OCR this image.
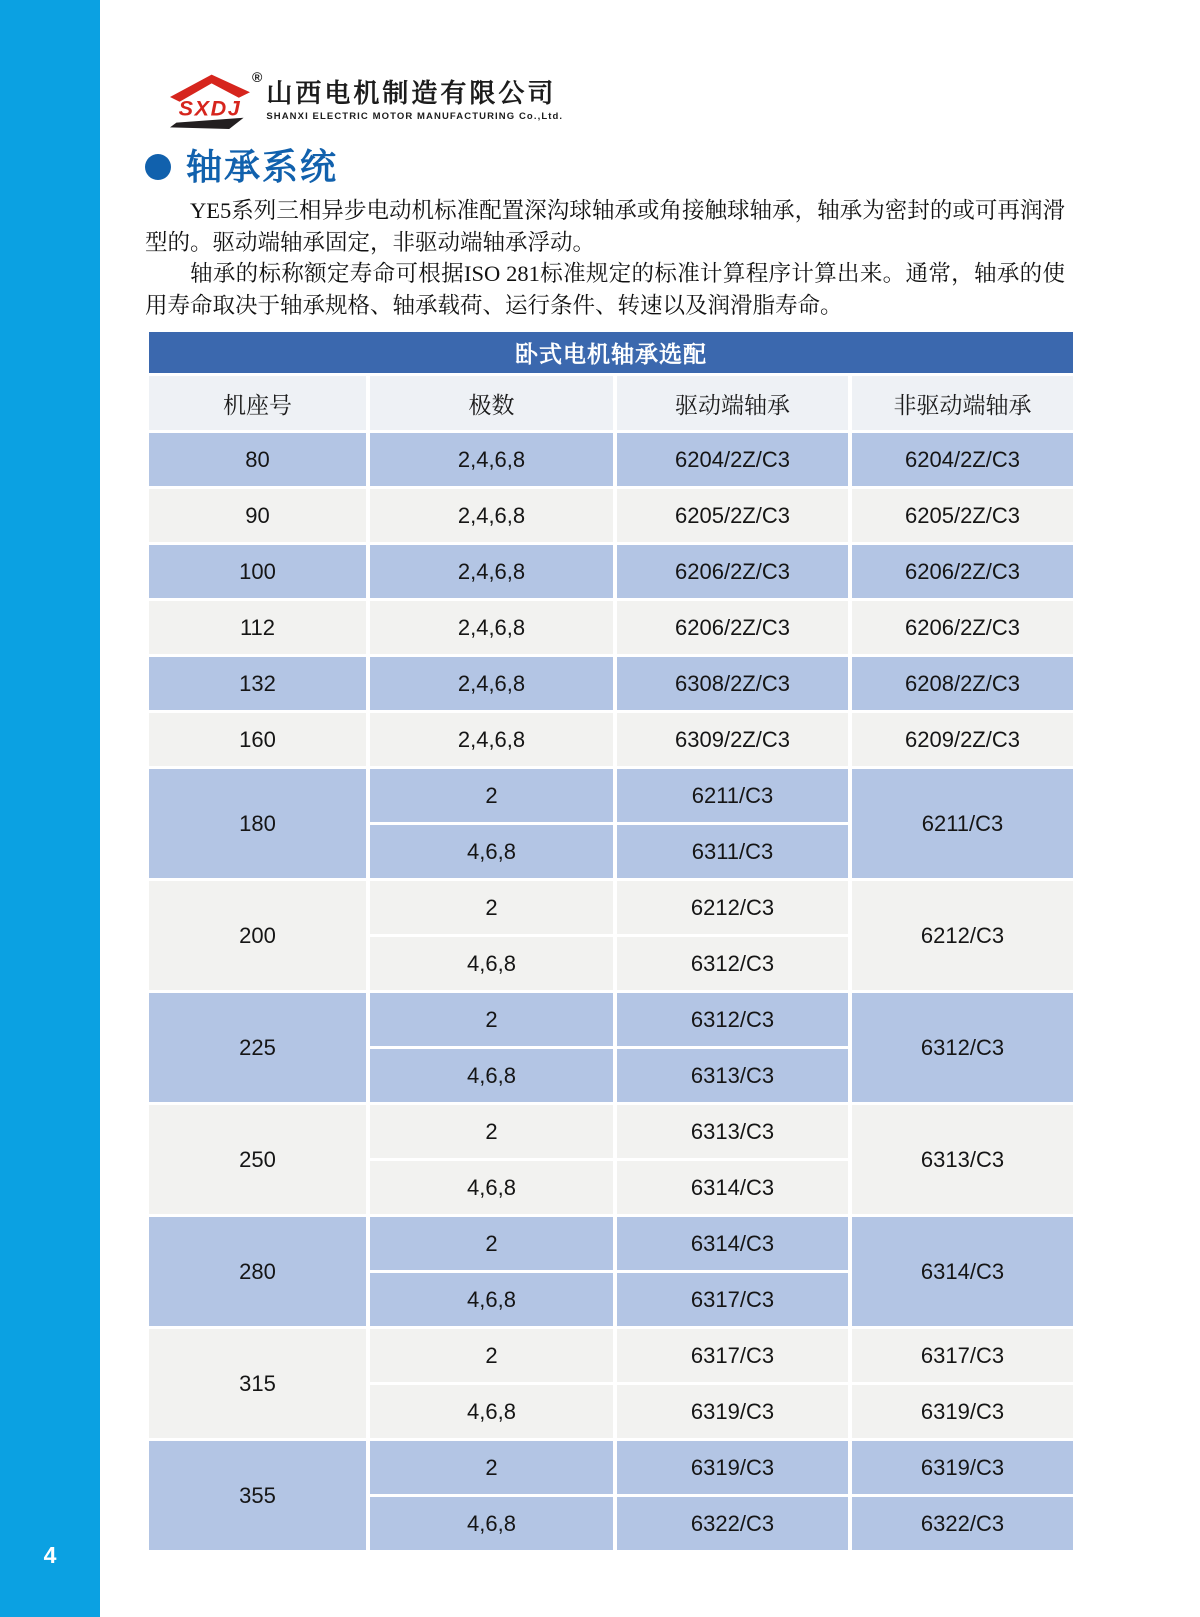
4
SXDJ
®
山西电机制造有限公司
SHANXI ELECTRIC MOTOR MANUFACTURING Co.,Ltd.
轴承系统

YE5系列三相异步电动机标准配置深沟球轴承或角接触球轴承，轴承为密封的或可再润滑型的。驱动端轴承固定，非驱动端轴承浮动。

轴承的标称额定寿命可根据ISO 281标准规定的标准计算程序计算出来。通常，轴承的使用寿命取决于轴承规格、轴承载荷、运行条件、转速以及润滑脂寿命。

卧式电机轴承选配			
机座号	极数	驱动端轴承	非驱动端轴承
80	2,4,6,8	6204/2Z/C3	6204/2Z/C3
90	2,4,6,8	6205/2Z/C3	6205/2Z/C3
100	2,4,6,8	6206/2Z/C3	6206/2Z/C3
112	2,4,6,8	6206/2Z/C3	6206/2Z/C3
132	2,4,6,8	6308/2Z/C3	6208/2Z/C3
160	2,4,6,8	6309/2Z/C3	6209/2Z/C3
180	2	6211/C3	6211/C3
	4,6,8	6311/C3	
200	2	6212/C3	6212/C3
	4,6,8	6312/C3	
225	2	6312/C3	6312/C3
	4,6,8	6313/C3	
250	2	6313/C3	6313/C3
	4,6,8	6314/C3	
280	2	6314/C3	6314/C3
	4,6,8	6317/C3	
315	2	6317/C3	6317/C3
	4,6,8	6319/C3	6319/C3
355	2	6319/C3	6319/C3
	4,6,8	6322/C3	6322/C3
